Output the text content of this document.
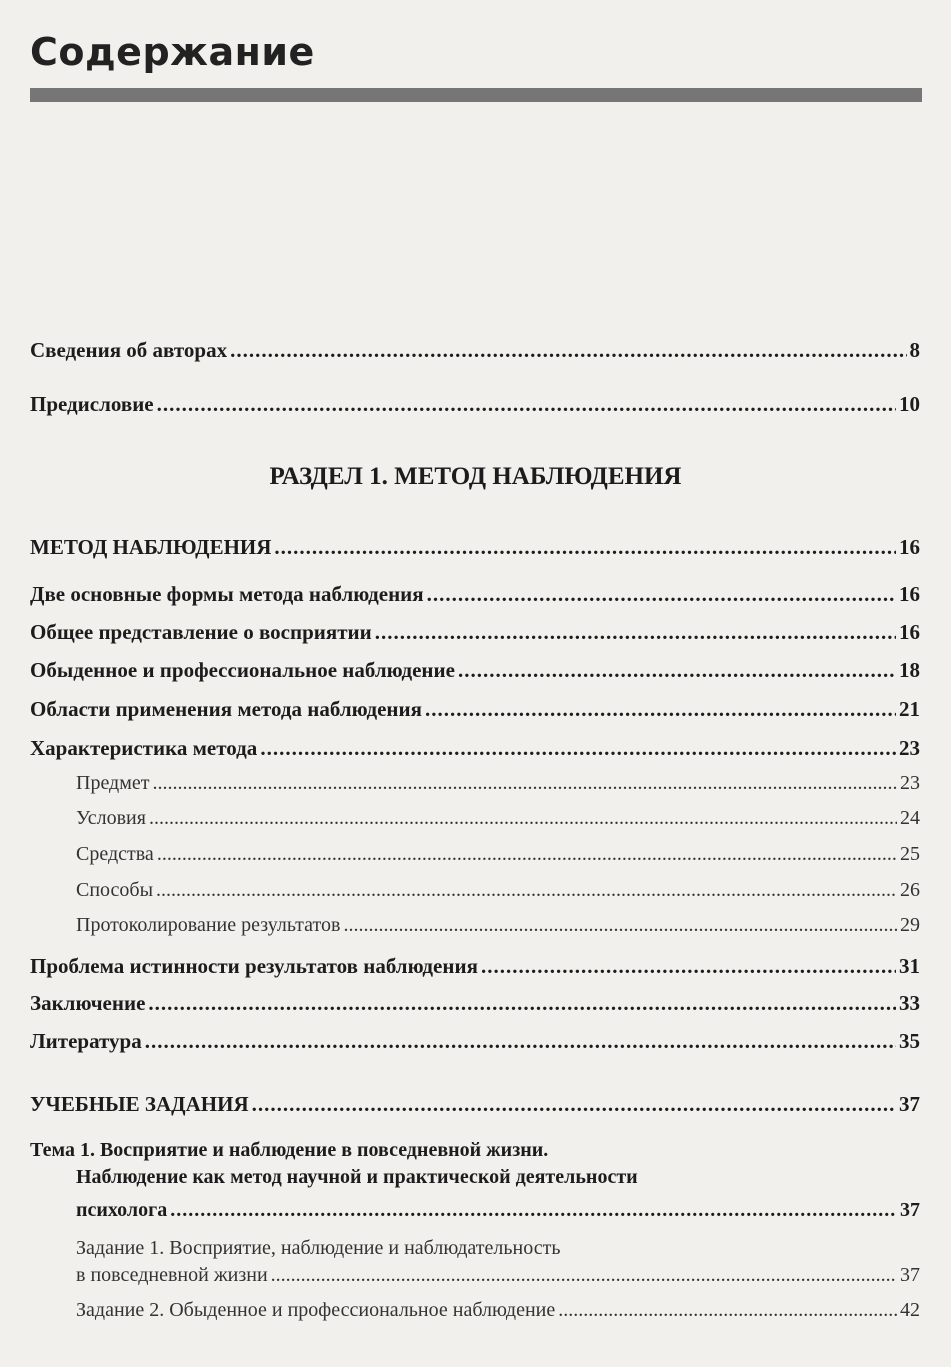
Содержание
Сведения об авторах .....	8
Предисловие .....	10
РАЗДЕЛ 1. МЕТОД НАБЛЮДЕНИЯ
МЕТОД НАБЛЮДЕНИЯ .....	16
Две основные формы метода наблюдения .....	16
Общее представление о восприятии .....	16
Обыденное и профессиональное наблюдение .....	18
Области применения метода наблюдения .....	21
Характеристика метода .....	23
Предмет .....	23
Условия .....	24
Средства .....	25
Способы .....	26
Протоколирование результатов .....	29
Проблема истинности результатов наблюдения .....	31
Заключение .....	33
Литература .....	35
УЧЕБНЫЕ ЗАДАНИЯ .....	37
Тема 1. Восприятие и наблюдение в повседневной жизни.
Наблюдение как метод научной и практической деятельности
психолога .....	37
Задание 1. Восприятие, наблюдение и наблюдательность
в повседневной жизни .....	37
Задание 2. Обыденное и профессиональное наблюдение .....	42
